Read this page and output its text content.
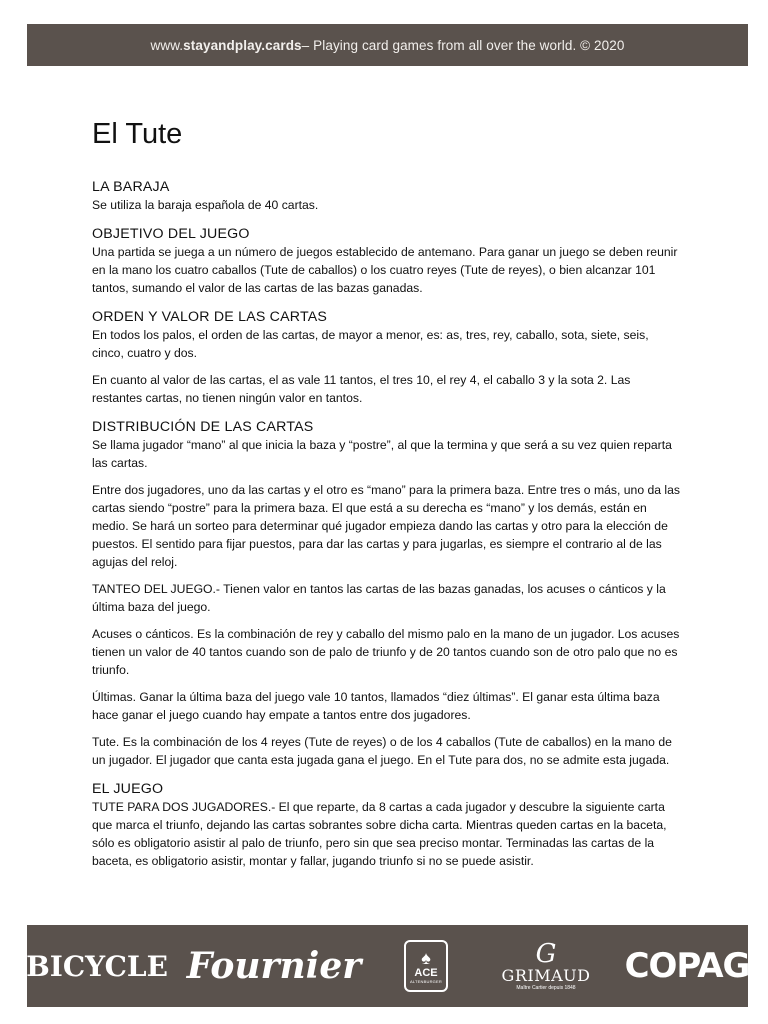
www. stayandplay.cards – Playing card games from all over the world. © 2020
El Tute

LA BARAJA

Se utiliza la baraja española de 40 cartas.

OBJETIVO DEL JUEGO

Una partida se juega a un número de juegos establecido de antemano. Para ganar un juego se deben reunir en la mano los cuatro caballos (Tute de caballos) o los cuatro reyes (Tute de reyes), o bien alcanzar 101 tantos, sumando el valor de las cartas de las bazas ganadas.

ORDEN Y VALOR DE LAS CARTAS

En todos los palos, el orden de las cartas, de mayor a menor, es: as, tres, rey, caballo, sota, siete, seis, cinco, cuatro y dos.

En cuanto al valor de las cartas, el as vale 11 tantos, el tres 10, el rey 4, el caballo 3 y la sota 2. Las restantes cartas, no tienen ningún valor en tantos.

DISTRIBUCIÓN DE LAS CARTAS

Se llama jugador “mano” al que inicia la baza y “postre”, al que la termina y que será a su vez quien reparta las cartas.

Entre dos jugadores, uno da las cartas y el otro es “mano” para la primera baza. Entre tres o más, uno da las cartas siendo “postre” para la primera baza. El que está a su derecha es “mano” y los demás, están en medio. Se hará un sorteo para determinar qué jugador empieza dando las cartas y otro para la elección de puestos. El sentido para fijar puestos, para dar las cartas y para jugarlas, es siempre el contrario al de las agujas del reloj.

TANTEO DEL JUEGO.- Tienen valor en tantos las cartas de las bazas ganadas, los acuses o cánticos y la última baza del juego.

Acuses o cánticos. Es la combinación de rey y caballo del mismo palo en la mano de un jugador. Los acuses tienen un valor de 40 tantos cuando son de palo de triunfo y de 20 tantos cuando son de otro palo que no es triunfo.

Últimas. Ganar la última baza del juego vale 10 tantos, llamados “diez últimas”. El ganar esta última baza hace ganar el juego cuando hay empate a tantos entre dos jugadores.

Tute. Es la combinación de los 4 reyes (Tute de reyes) o de los 4 caballos (Tute de caballos) en la mano de un jugador. El jugador que canta esta jugada gana el juego. En el Tute para dos, no se admite esta jugada.

EL JUEGO

TUTE PARA DOS JUGADORES.- El que reparte, da 8 cartas a cada jugador y descubre la siguiente carta que marca el triunfo, dejando las cartas sobrantes sobre dicha carta. Mientras queden cartas en la baceta, sólo es obligatorio asistir al palo de triunfo, pero sin que sea preciso montar. Terminadas las cartas de la baceta, es obligatorio asistir, montar y fallar, jugando triunfo si no se puede asistir.

BICYCLE Fournier	♠
ACE
ALTENBURGER
G
GRIMAUD
Maître Cartier depuis 1848
COPAG
